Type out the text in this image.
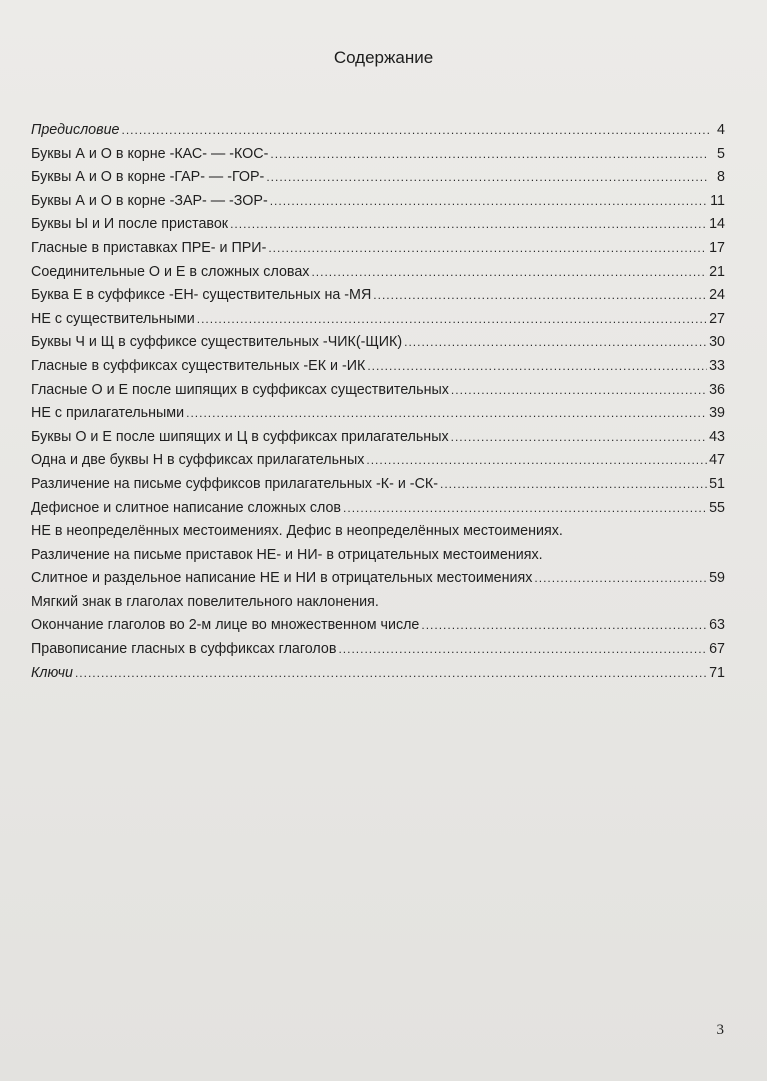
Содержание
Предисловие .....	4
Буквы А и О в корне -КАС- — -КОС- .....	5
Буквы А и О в корне -ГАР- — -ГОР- .....	8
Буквы А и О в корне -ЗАР- — -ЗОР- .....	11
Буквы Ы и И после приставок .....	14
Гласные в приставках ПРЕ- и ПРИ- .....	17
Соединительные О и Е в сложных словах .....	21
Буква Е в суффиксе -ЕН- существительных на -МЯ .....	24
НЕ с существительными .....	27
Буквы Ч и Щ в суффиксе существительных -ЧИК(-ЩИК) .....	30
Гласные в суффиксах существительных -ЕК и -ИК .....	33
Гласные О и Е после шипящих в суффиксах существительных .....	36
НЕ с прилагательными .....	39
Буквы О и Е после шипящих и Ц в суффиксах прилагательных .....	43
Одна и две буквы Н в суффиксах прилагательных .....	47
Различение на письме суффиксов прилагательных -К- и -СК- .....	51
Дефисное и слитное написание сложных слов .....	55
НЕ в неопределённых местоимениях. Дефис в неопределённых местоимениях.
Различение на письме приставок НЕ- и НИ- в отрицательных местоимениях.
Слитное и раздельное написание НЕ и НИ в отрицательных местоимениях .....	59
Мягкий знак в глаголах повелительного наклонения.
Окончание глаголов во 2-м лице во множественном числе .....	63
Правописание гласных в суффиксах глаголов .....	67
Ключи .....	71
3
